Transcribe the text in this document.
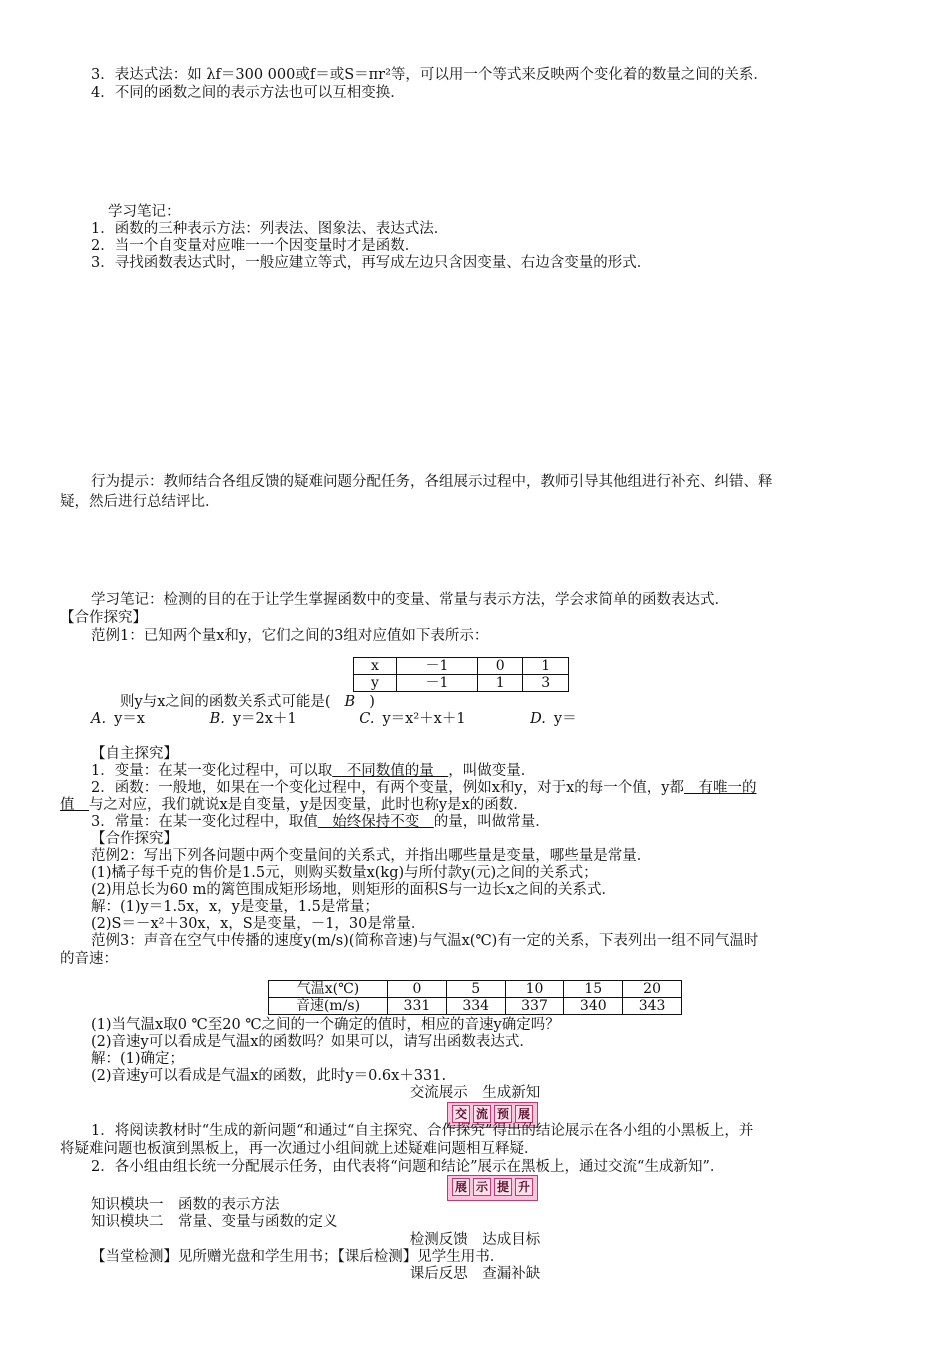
3．表达式法：如 λf＝300 000或f＝或S＝πr²等，可以用一个等式来反映两个变化着的数量之间的关系．
4．不同的函数之间的表示方法也可以互相变换．
学习笔记：
1．函数的三种表示方法：列表法、图象法、表达式法．
2．当一个自变量对应唯一一个因变量时才是函数．
3．寻找函数表达式时，一般应建立等式，再写成左边只含因变量、右边含变量的形式．
行为提示：教师结合各组反馈的疑难问题分配任务，各组展示过程中，教师引导其他组进行补充、纠错、释
疑，然后进行总结评比．
学习笔记：检测的目的在于让学生掌握函数中的变量、常量与表示方法，学会求简单的函数表达式．
【合作探究】
范例1：已知两个量x和y，它们之间的3组对应值如下表所示：
x	－1	0	1
y	－1	1	3
则y与x之间的函数关系式可能是( B )
A. y＝x	B. y＝2x＋1	C. y＝x²＋x＋1	D. y＝
【自主探究】
1．变量：在某一变化过程中，可以取　不同数值的量　，叫做变量．
2．函数：一般地，如果在一个变化过程中，有两个变量，例如x和y，对于x的每一个值，y都　有唯一的
值　与之对应，我们就说x是自变量，y是因变量，此时也称y是x的函数．
3．常量：在某一变化过程中，取值　始终保持不变　的量，叫做常量．
【合作探究】
范例2：写出下列各问题中两个变量间的关系式，并指出哪些量是变量，哪些量是常量．
(1)橘子每千克的售价是1.5元，则购买数量x(kg)与所付款y(元)之间的关系式；
(2)用总长为60 m的篱笆围成矩形场地，则矩形的面积S与一边长x之间的关系式．
解：(1)y＝1.5x，x，y是变量，1.5是常量；
(2)S＝－x²＋30x，x，S是变量，－1，30是常量．
范例3：声音在空气中传播的速度y(m/s)(简称音速)与气温x(℃)有一定的关系，下表列出一组不同气温时
的音速：
气温x(℃)	0	5	10	15	20
音速(m/s)	331	334	337	340	343
(1)当气温x取0 ℃至20 ℃之间的一个确定的值时，相应的音速y确定吗？
(2)音速y可以看成是气温x的函数吗？如果可以，请写出函数表达式．
解：(1)确定；
(2)音速y可以看成是气温x的函数，此时y＝0.6x＋331.
交流展示　生成新知
交 流 预 展
1．将阅读教材时“生成的新问题“和通过“自主探究、合作探究”得出的结论展示在各小组的小黑板上，并
将疑难问题也板演到黑板上，再一次通过小组间就上述疑难问题相互释疑．
2．各小组由组长统一分配展示任务，由代表将“问题和结论”展示在黑板上，通过交流“生成新知”．
展 示 提 升
知识模块一　函数的表示方法
知识模块二　常量、变量与函数的定义
检测反馈　达成目标
【当堂检测】见所赠光盘和学生用书；【课后检测】见学生用书．
课后反思　查漏补缺
